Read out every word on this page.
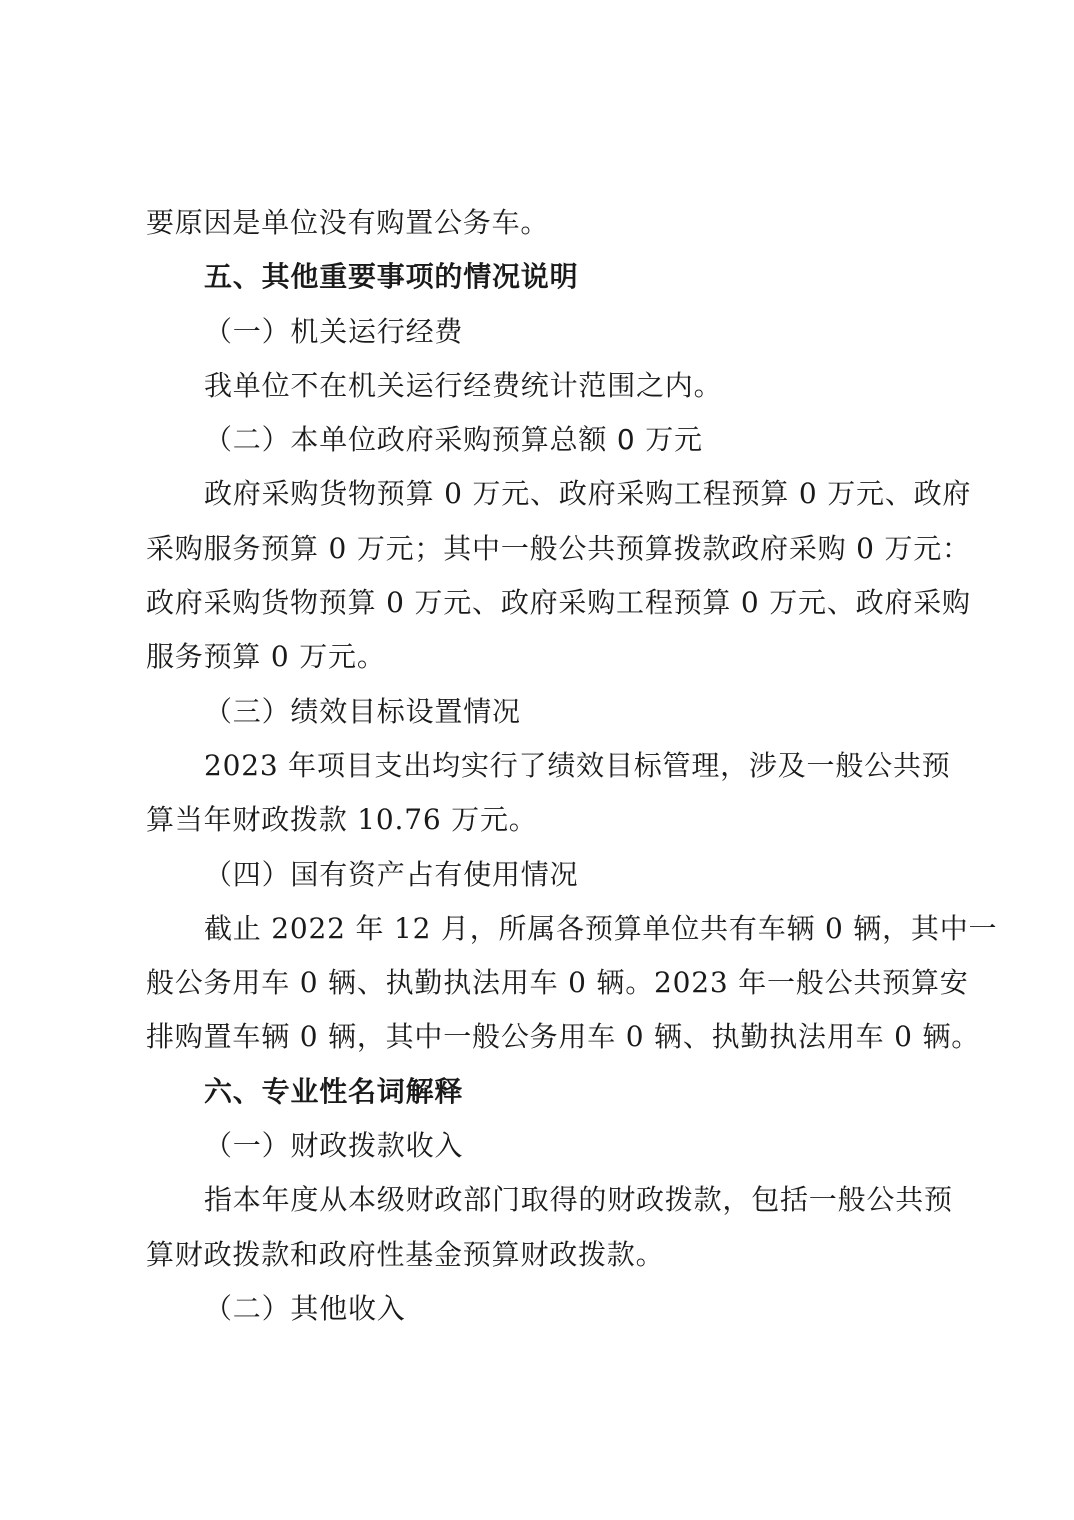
要原因是单位没有购置公务车。
五、其他重要事项的情况说明
（一）机关运行经费
我单位不在机关运行经费统计范围之内。
（二）本单位政府采购预算总额 0 万元
政府采购货物预算 0 万元、政府采购工程预算 0 万元、政府
采购服务预算 0 万元；其中一般公共预算拨款政府采购 0 万元：
政府采购货物预算 0 万元、政府采购工程预算 0 万元、政府采购
服务预算 0 万元。
（三）绩效目标设置情况
2023 年项目支出均实行了绩效目标管理，涉及一般公共预
算当年财政拨款 10.76 万元。
（四）国有资产占有使用情况
截止 2022 年 12 月，所属各预算单位共有车辆 0 辆，其中一
般公务用车 0 辆、执勤执法用车 0 辆。2023 年一般公共预算安
排购置车辆 0 辆，其中一般公务用车 0 辆、执勤执法用车 0 辆。
六、专业性名词解释
（一）财政拨款收入
指本年度从本级财政部门取得的财政拨款，包括一般公共预
算财政拨款和政府性基金预算财政拨款。
（二）其他收入
